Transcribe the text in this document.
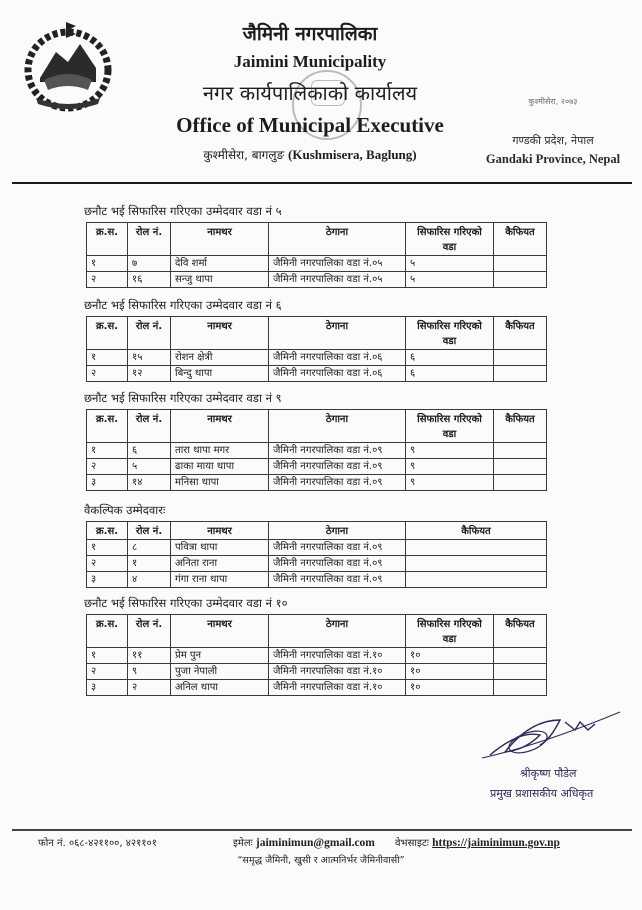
जैमिनी नगरपालिका
Jaimini Municipality
नगर कार्यपालिकाको कार्यालय
Office of Municipal Executive
कुश्मीसेरा, बागलुङ (Kushmisera, Baglung)
कुश्मीसेरा, २०७३
गण्डकी प्रदेश, नेपाल
Gandaki Province, Nepal
छनौट भई सिफारिस गरिएका उम्मेदवार वडा नं ५
क्र.स.	रोल नं.	नामथर	ठेगाना	सिफारिस गरिएको वडा	कैफियत
१	७	देवि शर्मा	जैमिनी नगरपालिका वडा नं.०५	५	
२	१६	सन्जु थापा	जैमिनी नगरपालिका वडा नं.०५	५	
छनौट भई सिफारिस गरिएका उम्मेदवार वडा नं ६
क्र.स.	रोल नं.	नामथर	ठेगाना	सिफारिस गरिएको वडा	कैफियत
१	१५	रोशन क्षेत्री	जैमिनी नगरपालिका वडा नं.०६	६	
२	१२	बिन्दु थापा	जैमिनी नगरपालिका वडा नं.०६	६	
छनौट भई सिफारिस गरिएका उम्मेदवार वडा नं ९
क्र.स.	रोल नं.	नामथर	ठेगाना	सिफारिस गरिएको वडा	कैफियत
१	६	तारा थापा मगर	जैमिनी नगरपालिका वडा नं.०९	९	
२	५	ढाका माया थापा	जैमिनी नगरपालिका वडा नं.०९	९	
३	१४	मनिसा थापा	जैमिनी नगरपालिका वडा नं.०९	९	
वैकल्पिक उम्मेदवारः
क्र.स.	रोल नं.	नामथर	ठेगाना	कैफियत
१	८	पवित्रा थापा	जैमिनी नगरपालिका वडा नं.०९	
२	१	अनिता राना	जैमिनी नगरपालिका वडा नं.०९	
३	४	गंगा राना थापा	जैमिनी नगरपालिका वडा नं.०९	
छनौट भई सिफारिस गरिएका उम्मेदवार वडा नं १०
क्र.स.	रोल नं.	नामथर	ठेगाना	सिफारिस गरिएको वडा	कैफियत
१	११	प्रेम पुन	जैमिनी नगरपालिका वडा नं.१०	१०	
२	९	पुजा नेपाली	जैमिनी नगरपालिका वडा नं.१०	१०	
३	२	अनिल थापा	जैमिनी नगरपालिका वडा नं.१०	१०	
श्रीकृष्ण पौडेल
प्रमुख प्रशासकीय अधिकृत
फोन नं. ०६८-४२११००, ४२११०१	इमेलः jaiminimun@gmail.com वेभसाइटः https://jaiminimun.gov.np
“समृद्ध जैमिनी, खुसी र आत्मनिर्भर जैमिनीवासी”
